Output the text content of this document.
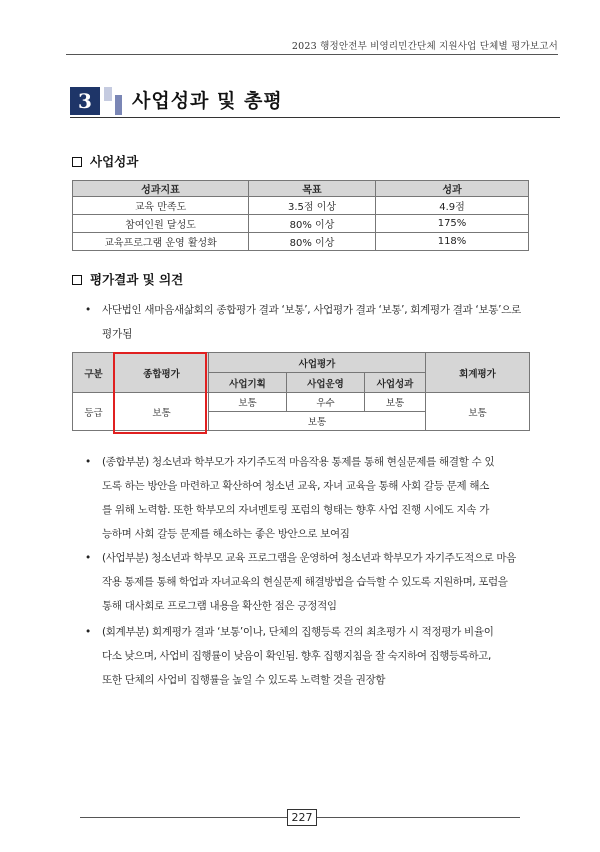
2023 행정안전부 비영리민간단체 지원사업 단체별 평가보고서
3	사업성과 및 총평
사업성과
성과지표	목표	성과
교육 만족도	3.5점 이상	4.9점
참여인원 달성도	80% 이상	175%
교육프로그램 운영 활성화	80% 이상	118%
평가결과 및 의견
• 사단법인 새마음새삶회의 종합평가 결과 ‘보통’, 사업평가 결과 ‘보통’, 회계평가 결과 ‘보통’으로
평가됨
구분	종합평가	사업평가			회계평가
		사업기획	사업운영	사업성과	
등급	보통	보통	우수	보통	보통
		보통			
• (종합부분) 청소년과 학부모가 자기주도적 마음작용 통제를 통해 현실문제를 해결할 수 있
도록 하는 방안을 마련하고 확산하여 청소년 교육, 자녀 교육을 통해 사회 갈등 문제 해소
를 위해 노력함. 또한 학부모의 자녀멘토링 포럼의 형태는 향후 사업 진행 시에도 지속 가
능하며 사회 갈등 문제를 해소하는 좋은 방안으로 보여짐
• (사업부분) 청소년과 학부모 교육 프로그램을 운영하여 청소년과 학부모가 자기주도적으로 마음
작용 통제를 통해 학업과 자녀교육의 현실문제 해결방법을 습득할 수 있도록 지원하며, 포럼을
통해 대사회로 프로그램 내용을 확산한 점은 긍정적임
• (회계부분) 회계평가 결과 ‘보통’이나, 단체의 집행등록 건의 최초평가 시 적정평가 비율이
다소 낮으며, 사업비 집행률이 낮음이 확인됨. 향후 집행지침을 잘 숙지하여 집행등록하고,
또한 단체의 사업비 집행률을 높일 수 있도록 노력할 것을 권장함
227
